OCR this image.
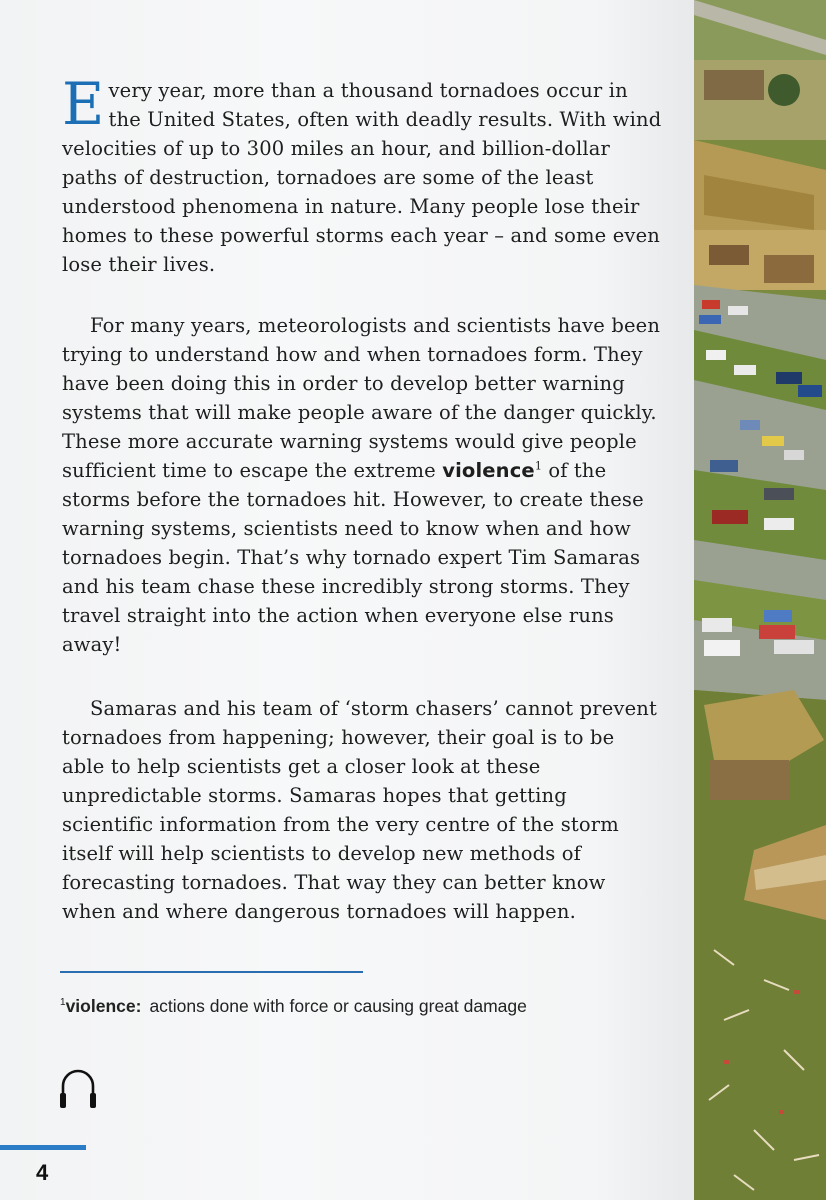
Every year, more than a thousand tornadoes occur in the United States, often with deadly results. With wind velocities of up to 300 miles an hour, and billion-dollar paths of destruction, tornadoes are some of the least understood phenomena in nature. Many people lose their homes to these powerful storms each year – and some even lose their lives.

For many years, meteorologists and scientists have been trying to understand how and when tornadoes form. They have been doing this in order to develop better warning systems that will make people aware of the danger quickly. These more accurate warning systems would give people sufficient time to escape the extreme violence$^1$ of the storms before the tornadoes hit. However, to create these warning systems, scientists need to know when and how tornadoes begin. That’s why tornado expert Tim Samaras and his team chase these incredibly strong storms. They travel straight into the action when everyone else runs away!

Samaras and his team of ‘storm chasers’ cannot prevent tornadoes from happening; however, their goal is to be able to help scientists get a closer look at these unpredictable storms. Samaras hopes that getting scientific information from the very centre of the storm itself will help scientists to develop new methods of forecasting tornadoes. That way they can better know when and where dangerous tornadoes will happen.

$^1$violence: actions done with force or causing great damage
4
